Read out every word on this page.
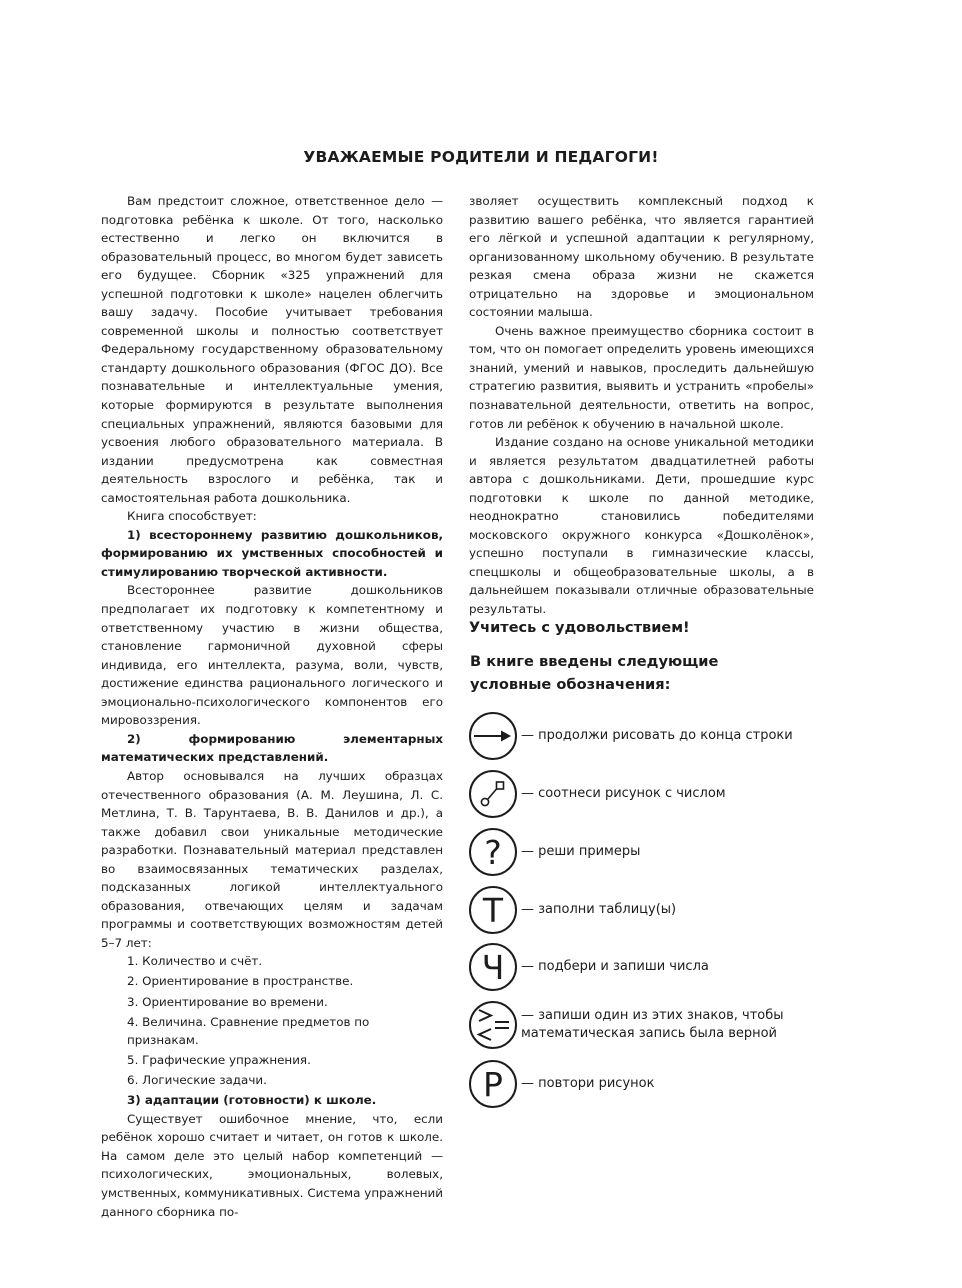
УВАЖАЕМЫЕ РОДИТЕЛИ И ПЕДАГОГИ!

Вам предстоит сложное, ответственное дело — подготовка ребёнка к школе. От того, насколько естественно и легко он включится в образовательный процесс, во многом будет зависеть его будущее. Сборник «325 упражнений для успешной подготовки к школе» нацелен облегчить вашу задачу. Пособие учитывает требования современной школы и полностью соответствует Федеральному государственному образовательному стандарту дошкольного образования (ФГОС ДО). Все познавательные и интеллектуальные умения, которые формируются в результате выполнения специальных упражнений, являются базовыми для усвоения любого образовательного материала. В издании предусмотрена как совместная деятельность взрослого и ребёнка, так и самостоятельная работа дошкольника.

Книга способствует:

1) всестороннему развитию дошкольников, формированию их умственных способностей и стимулированию творческой активности.

Всестороннее развитие дошкольников предполагает их подготовку к компетентному и ответственному участию в жизни общества, становление гармоничной духовной сферы индивида, его интеллекта, разума, воли, чувств, достижение единства рационального логического и эмоционально-психологического компонентов его мировоззрения.

2) формированию элементарных математических представлений.

Автор основывался на лучших образцах отечественного образования (А. М. Леушина, Л. С. Метлина, Т. В. Тарунтаева, В. В. Данилов и др.), а также добавил свои уникальные методические разработки. Познавательный материал представлен во взаимосвязанных тематических разделах, подсказанных логикой интеллектуального образования, отвечающих целям и задачам программы и соответствующих возможностям детей 5–7 лет:

1. Количество и счёт.
2. Ориентирование в пространстве.
3. Ориентирование во времени.
4. Величина. Сравнение предметов по признакам.
5. Графические упражнения.
6. Логические задачи.

3) адаптации (готовности) к школе.

Существует ошибочное мнение, что, если ребёнок хорошо считает и читает, он готов к школе. На самом деле это целый набор компетенций — психологических, эмоциональных, волевых, умственных, коммуникативных. Система упражнений данного сборника по-

зволяет осуществить комплексный подход к развитию вашего ребёнка, что является гарантией его лёгкой и успешной адаптации к регулярному, организованному школьному обучению. В результате резкая смена образа жизни не скажется отрицательно на здоровье и эмоциональном состоянии малыша.

Очень важное преимущество сборника состоит в том, что он помогает определить уровень имеющихся знаний, умений и навыков, проследить дальнейшую стратегию развития, выявить и устранить «пробелы» познавательной деятельности, ответить на вопрос, готов ли ребёнок к обучению в начальной школе.

Издание создано на основе уникальной методики и является результатом двадцатилетней работы автора с дошкольниками. Дети, прошедшие курс подготовки к школе по данной методике, неоднократно становились победителями московского окружного конкурса «Дошколёнок», успешно поступали в гимназические классы, спецшколы и общеобразовательные школы, а в дальнейшем показывали отличные образовательные результаты.

Учитесь с удовольствием!

В книге введены следующие
условные обозначения:
— продолжи рисовать до конца строки
— соотнеси рисунок с числом
? — реши примеры
Т — заполни таблицу(ы)
Ч — подбери и запиши числа
— запиши один из этих знаков, чтобы
математическая запись была верной
Р — повтори рисунок
